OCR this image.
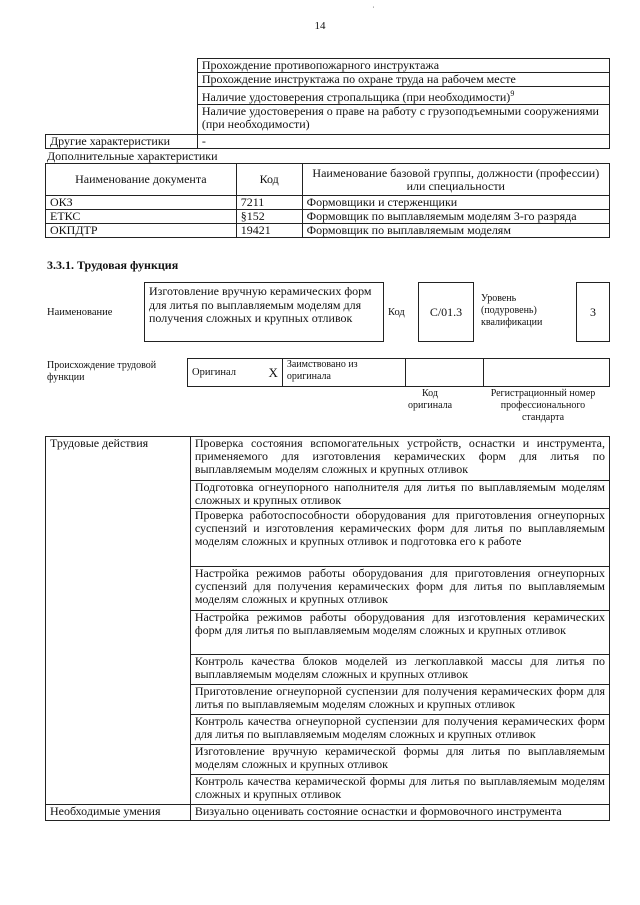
˙
14
	Прохождение противопожарного инструктажа
	Прохождение инструктажа по охране труда на рабочем месте
	Наличие удостоверения стропальщика (при необходимости)$^9$
	Наличие удостоверения о праве на работу с грузоподъемными сооружениями (при необходимости)
Другие характеристики	-
Дополнительные характеристики
Наименование документа	Код	Наименование базовой группы, должности (профессии) или специальности
ОКЗ	7211	Формовщики и стерженщики
ЕТКС	§152	Формовщик по выплавляемым моделям 3-го разряда
ОКПДТР	19421	Формовщик по выплавляемым моделям
3.3.1. Трудовая функция
Наименование
Изготовление вручную керамических форм для литья по выплавляемым моделям для получения сложных и крупных отливок	Код С/01.3
Уровень (подуровень) квалификации
3
Происхождение трудовой функции	Оригинал X
	Заимствовано из оригинала		
Код оригинала
Регистрационный номер профессионального стандарта
Трудовые действия	Проверка состояния вспомогательных устройств, оснастки и инструмента, применяемого для изготовления керамических форм для литья по выплавляемым моделям сложных и крупных отливок
	Подготовка огнеупорного наполнителя для литья по выплавляемым моделям сложных и крупных отливок
	Проверка работоспособности оборудования для приготовления огнеупорных суспензий и изготовления керамических форм для литья по выплавляемым моделям сложных и крупных отливок и подготовка его к работе
	Настройка режимов работы оборудования для приготовления огнеупорных суспензий для получения керамических форм для литья по выплавляемым моделям сложных и крупных отливок
	Настройка режимов работы оборудования для изготовления керамических форм для литья по выплавляемым моделям сложных и крупных отливок
	Контроль качества блоков моделей из легкоплавкой массы для литья по выплавляемым моделям сложных и крупных отливок
	Приготовление огнеупорной суспензии для получения керамических форм для литья по выплавляемым моделям сложных и крупных отливок
	Контроль качества огнеупорной суспензии для получения керамических форм для литья по выплавляемым моделям сложных и крупных отливок
	Изготовление вручную керамической формы для литья по выплавляемым моделям сложных и крупных отливок
	Контроль качества керамической формы для литья по выплавляемым моделям сложных и крупных отливок
Необходимые умения	Визуально оценивать состояние оснастки и формовочного инструмента
